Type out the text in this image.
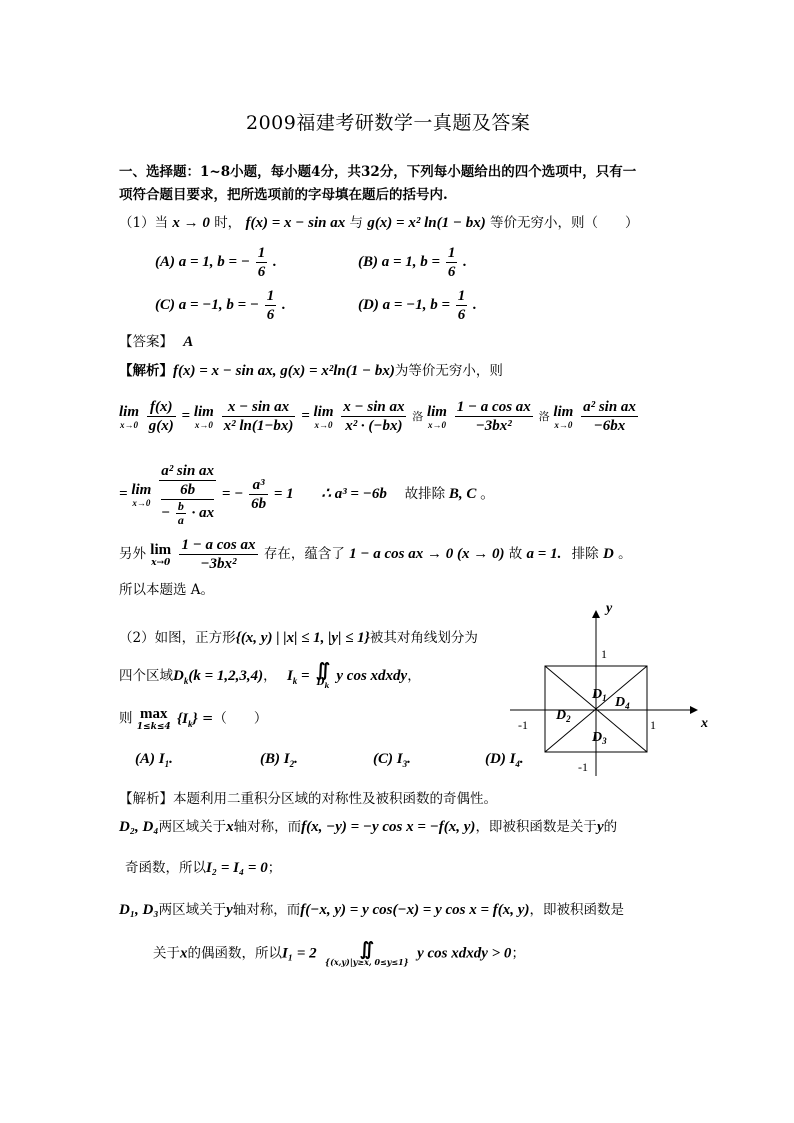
2009福建考研数学一真题及答案
一、选择题：1~8小题，每小题4分，共32分，下列每小题给出的四个选项中，只有一
项符合题目要求，把所选项前的字母填在题后的括号内.
（1）当 x → 0 时， f(x) = x − sin ax 与 g(x) = x² ln(1 − bx) 等价无穷小，则（　　）
(A) a = 1, b = − $\frac{1}{6}$ .	(B) a = 1, $b = \frac{1}{6}$ .
(C) a = −1, b = − $\frac{1}{6}$ .	(D) a = −1, $b = \frac{1}{6}$ .
【答案】 A
【解析】f(x) = x − sin ax, g(x) = x²ln(1 − bx)为等价无穷小，则
lim
x→0
$\frac{f(x)}{g(x)} = \lim$
x→0
$\frac{\text{x − sin ax}}{\text{x² ln(1−bx)}} = \lim$
x→0
$\frac{\text{x − sin ax}}{\text{x² · (−bx)}}$ 洛 lim
x→0
$\frac{\text{1 − a cos ax}}{\text{−3bx²}}$ 洛 lim
x→0
$\frac{\text{a² sin ax}}{-6bx}$
= lim
x→0
a² sin ax
6b
− $\frac{b}{a}$ · ax = − $\frac{\text{a³}}{6b} = 1$ ∴ a³ = −6b 故排除 B, C 。
另外 lim
x→0
$\frac{\text{1 − a cos ax}}{\text{−3bx²}}$ 存在，蕴含了 1 − a cos ax → 0 (x → 0) 故 a = 1. 排除 D 。
所以本题选 A。
（2）如图，正方形{(x, y) | |x| ≤ 1, |y| ≤ 1}被其对角线划分为
四个区域$D_k(k = 1,2,3,4)$， $I_k$ = ∬
$D_k$
y cos xdxdy，
则 max
1≤k≤4
$\{I_k\}$ =（　　）
(A) $I_1$.	(B) $I_2$.	(C) $I_3$.	(D) $I_4$.
y
x
1
-1
1
-1
$D_1$
$D_2$
$D_3$
$D_4$
【解析】本题利用二重积分区域的对称性及被积函数的奇偶性。
D₂, D₄两区域关于x轴对称，而f(x, −y) = −y cos x = −f(x, y)，即被积函数是关于y的
奇函数，所以I₂ = I₄ = 0；
D₁, D₃两区域关于y轴对称，而f(−x, y) = y cos(−x) = y cos x = f(x, y)，即被积函数是
关于x的偶函数，所以I₁ = 2	∬
{(x,y)|y≥x, 0≤y≤1}
y cos xdxdy > 0；
